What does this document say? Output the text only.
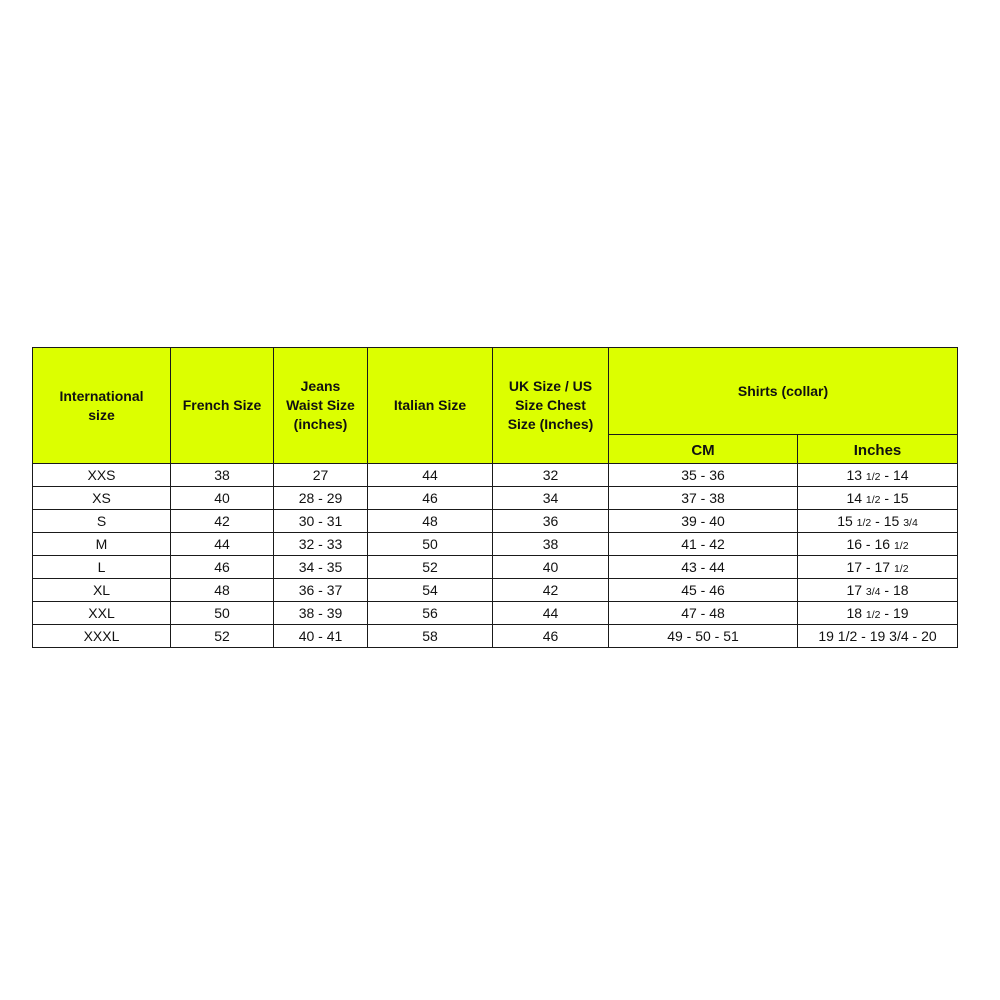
International size	French Size	Jeans Waist Size (inches)	Italian Size	UK Size / US Size Chest Size (Inches)	Shirts (collar)	
					CM	Inches
XXS	38	27	44	32	35 - 36	13 1/2 - 14
XS	40	28 - 29	46	34	37 - 38	14 1/2 - 15
S	42	30 - 31	48	36	39 - 40	15 1/2 - 15 3/4
M	44	32 - 33	50	38	41 - 42	16 - 16 1/2
L	46	34 - 35	52	40	43 - 44	17 - 17 1/2
XL	48	36 - 37	54	42	45 - 46	17 3/4 - 18
XXL	50	38 - 39	56	44	47 - 48	18 1/2 - 19
XXXL	52	40 - 41	58	46	49 - 50 - 51	19 1/2 - 19 3/4 - 20
